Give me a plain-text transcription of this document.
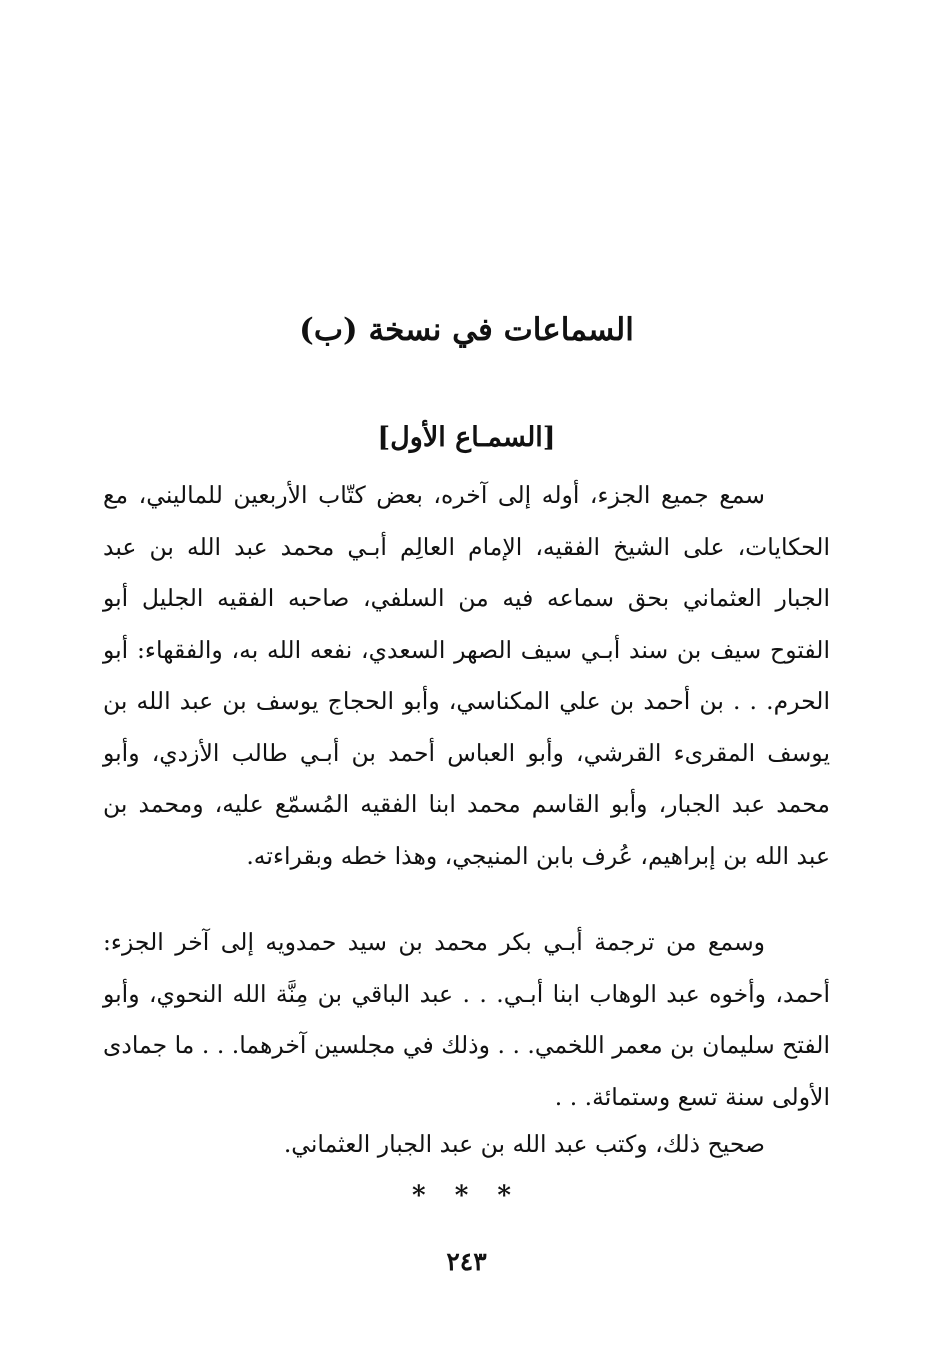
السماعات في نسخة (ب)
[السمـاع الأول]

سمع جميع الجزء، أوله إلى آخره، بعض كتّاب الأربعين للماليني، مع الحكايات، على الشيخ الفقيه، الإمام العالِم أبـي محمد عبد الله بن عبد الجبار العثماني بحق سماعه فيه من السلفي، صاحبه الفقيه الجليل أبو الفتوح سيف بن سند أبـي سيف الصهر السعدي، نفعه الله به، والفقهاء: أبو الحرم. . . بن أحمد بن علي المكناسي، وأبو الحجاج يوسف بن عبد الله بن يوسف المقرىء القرشي، وأبو العباس أحمد بن أبـي طالب الأزدي، وأبو محمد عبد الجبار، وأبو القاسم محمد ابنا الفقيه المُسمّع عليه، ومحمد بن عبد الله بن إبراهيم، عُرف بابن المنيجي، وهذا خطه وبقراءته.

وسمع من ترجمة أبـي بكر محمد بن سيد حمدويه إلى آخر الجزء: أحمد، وأخوه عبد الوهاب ابنا أبـي. . . عبد الباقي بن مِنَّة الله النحوي، وأبو الفتح سليمان بن معمر اللخمي. . . وذلك في مجلسين آخرهما. . . ما جمادى الأولى سنة تسع وستمائة. . .

صحيح ذلك، وكتب عبد الله بن عبد الجبار العثماني.

* * *
٢٤٣
